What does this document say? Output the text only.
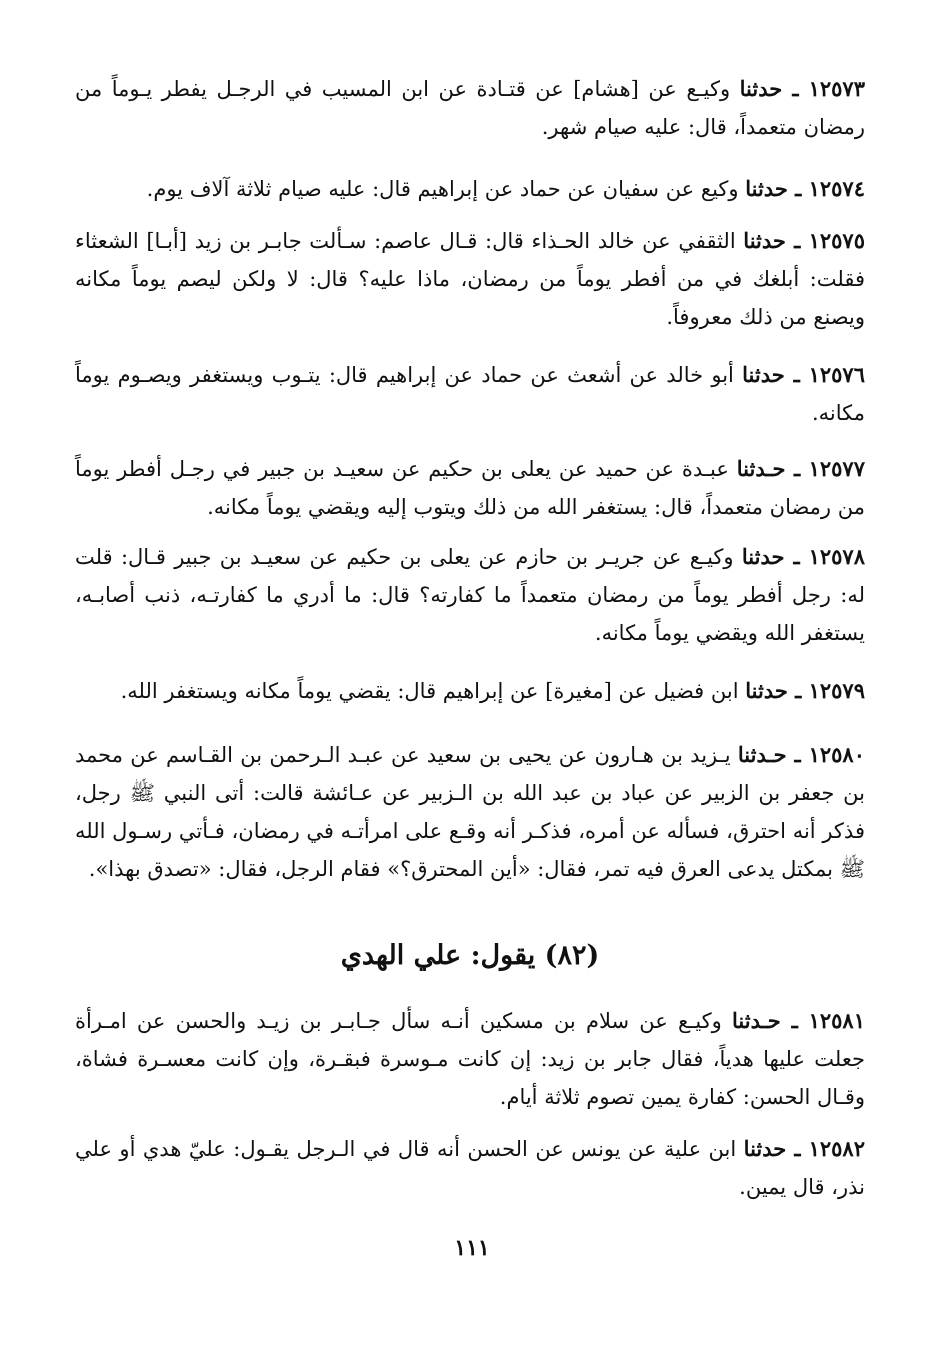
١٢٥٧٣ ـ حدثنا وكيـع عن [هشام] عن قتـادة عن ابن المسيب في الرجـل يفطر يـوماً من رمضان متعمداً، قال: عليه صيام شهر.

١٢٥٧٤ ـ حدثنا وكيع عن سفيان عن حماد عن إبراهيم قال: عليه صيام ثلاثة آلاف يوم.

١٢٥٧٥ ـ حدثنا الثقفي عن خالد الحـذاء قال: قـال عاصم: سـألت جابـر بن زيد [أبـا] الشعثاء فقلت: أبلغك في من أفطر يوماً من رمضان، ماذا عليه؟ قال: لا ولكن ليصم يوماً مكانه ويصنع من ذلك معروفاً.

١٢٥٧٦ ـ حدثنا أبو خالد عن أشعث عن حماد عن إبراهيم قال: يتـوب ويستغفر ويصـوم يوماً مكانه.

١٢٥٧٧ ـ حـدثنا عبـدة عن حميد عن يعلى بن حكيم عن سعيـد بن جبير في رجـل أفطر يوماً من رمضان متعمداً، قال: يستغفر الله من ذلك ويتوب إليه ويقضي يوماً مكانه.

١٢٥٧٨ ـ حدثنا وكيـع عن جريـر بن حازم عن يعلى بن حكيم عن سعيـد بن جبير قـال: قلت له: رجل أفطر يوماً من رمضان متعمداً ما كفارته؟ قال: ما أدري ما كفارتـه، ذنب أصابـه، يستغفر الله ويقضي يوماً مكانه.

١٢٥٧٩ ـ حدثنا ابن فضيل عن [مغيرة] عن إبراهيم قال: يقضي يوماً مكانه ويستغفر الله.

١٢٥٨٠ ـ حـدثنا يـزيد بن هـارون عن يحيى بن سعيد عن عبـد الـرحمن بن القـاسم عن محمد بن جعفر بن الزبير عن عباد بن عبد الله بن الـزبير عن عـائشة قالت: أتى النبي ﷺ رجل، فذكر أنه احترق، فسأله عن أمره، فذكـر أنه وقـع على امرأتـه في رمضان، فـأتي رسـول الله ﷺ بمكتل يدعى العرق فيه تمر، فقال: «أين المحترق؟» فقام الرجل، فقال: «تصدق بهذا».

(٨٢) يقول: علي الهدي

١٢٥٨١ ـ حـدثنا وكيـع عن سلام بن مسكين أنـه سأل جـابـر بن زيـد والحسن عن امـرأة جعلت عليها هدياً، فقال جابر بن زيد: إن كانت مـوسرة فبقـرة، وإن كانت معسـرة فشاة، وقـال الحسن: كفارة يمين تصوم ثلاثة أيام.

١٢٥٨٢ ـ حدثنا ابن علية عن يونس عن الحسن أنه قال في الـرجل يقـول: عليّ هدي أو علي نذر، قال يمين.

١١١
